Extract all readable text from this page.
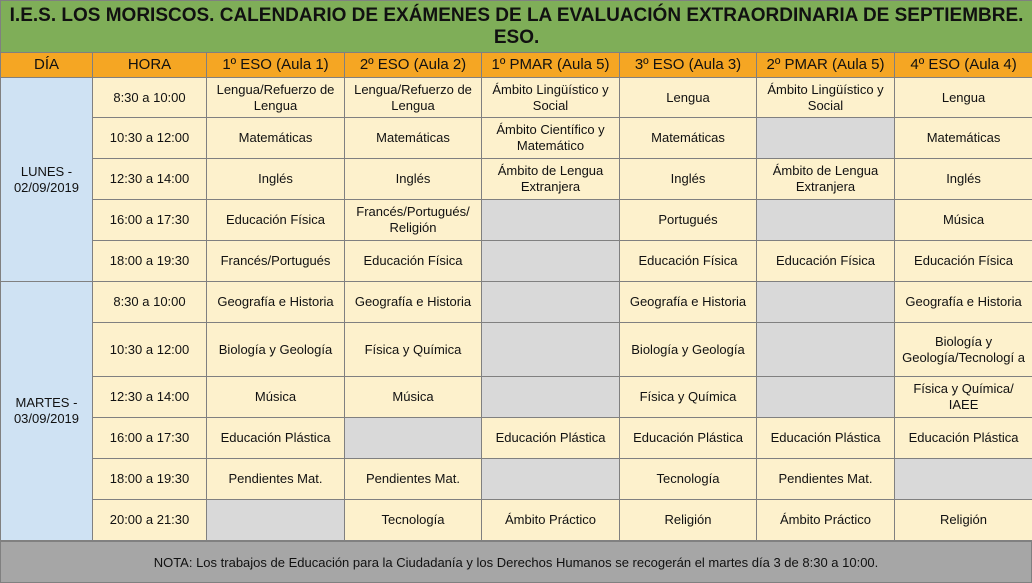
I.E.S. LOS MORISCOS. CALENDARIO DE EXÁMENES DE LA EVALUACIÓN EXTRAORDINARIA DE SEPTIEMBRE. ESO.							
DÍA	HORA	1º ESO (Aula 1)	2º ESO (Aula 2)	1º PMAR (Aula 5)	3º ESO (Aula 3)	2º PMAR (Aula 5)	4º ESO (Aula 4)
LUNES - 02/09/2019	8:30 a 10:00	Lengua/Refuerzo de Lengua	Lengua/Refuerzo de Lengua	Ámbito Lingüístico y Social	Lengua	Ámbito Lingüístico y Social	Lengua
	10:30 a 12:00	Matemáticas	Matemáticas	Ámbito Científico y Matemático	Matemáticas		Matemáticas
	12:30 a 14:00	Inglés	Inglés	Ámbito de Lengua Extranjera	Inglés	Ámbito de Lengua Extranjera	Inglés
	16:00 a 17:30	Educación Física	Francés/Portugués/ Religión		Portugués		Música
	18:00 a 19:30	Francés/Portugués	Educación Física		Educación Física	Educación Física	Educación Física
MARTES - 03/09/2019	8:30 a 10:00	Geografía e Historia	Geografía e Historia		Geografía e Historia		Geografía e Historia
	10:30 a 12:00	Biología y Geología	Física y Química		Biología y Geología		Biología y Geología/Tecnologí a
	12:30 a 14:00	Música	Música		Física y Química		Física y Química/ IAEE
	16:00 a 17:30	Educación Plástica		Educación Plástica	Educación Plástica	Educación Plástica	Educación Plástica
	18:00 a 19:30	Pendientes Mat.	Pendientes Mat.		Tecnología	Pendientes Mat.	
	20:00 a 21:30		Tecnología	Ámbito Práctico	Religión	Ámbito Práctico	Religión
NOTA: Los trabajos de Educación para la Ciudadanía y los Derechos Humanos se recogerán el martes día 3 de 8:30 a 10:00.
